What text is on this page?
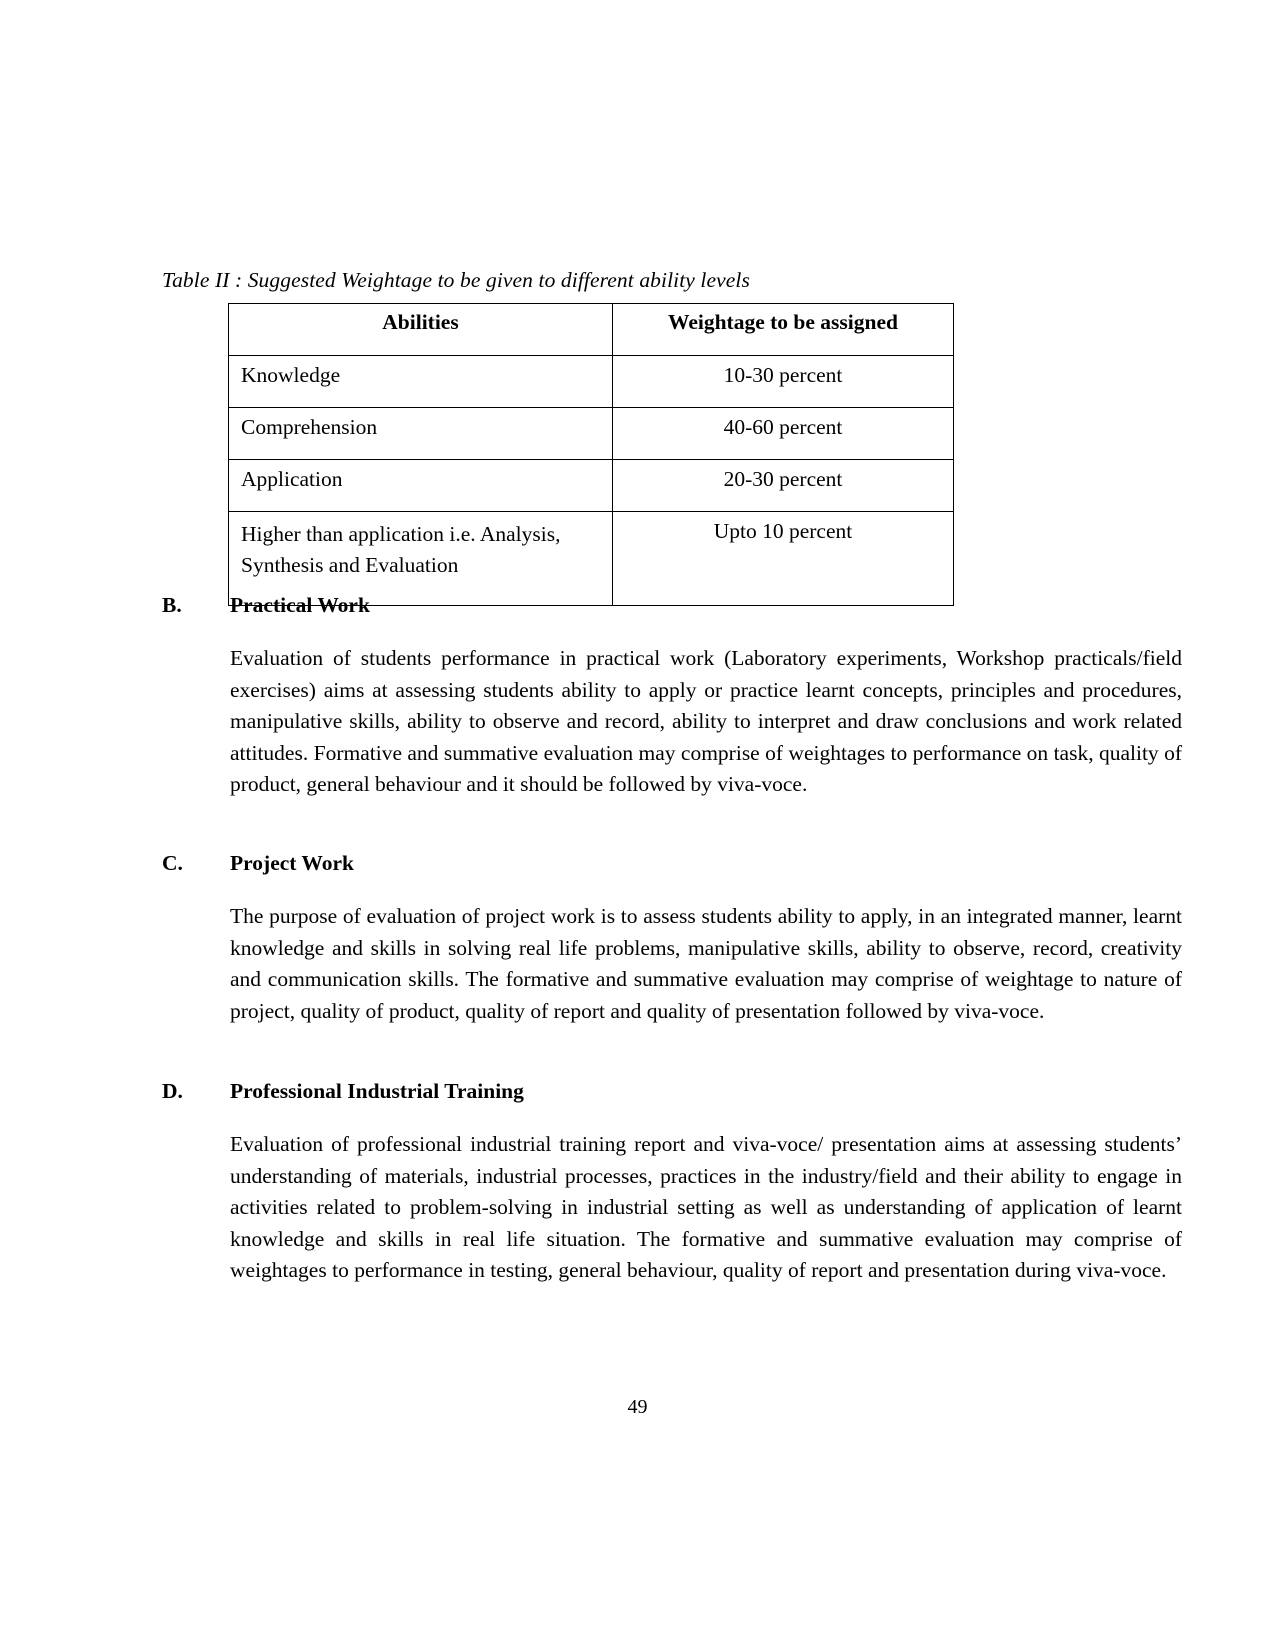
Table II : Suggested Weightage to be given to different ability levels
Abilities	Weightage to be assigned
Knowledge	10-30 percent
Comprehension	40-60 percent
Application	20-30 percent
Higher than application i.e. Analysis, Synthesis and Evaluation	Upto 10 percent
B. Practical Work
Evaluation of students performance in practical work (Laboratory experiments, Workshop practicals/field exercises) aims at assessing students ability to apply or practice learnt concepts, principles and procedures, manipulative skills, ability to observe and record, ability to interpret and draw conclusions and work related attitudes. Formative and summative evaluation may comprise of weightages to performance on task, quality of product, general behaviour and it should be followed by viva-voce.
C. Project Work
The purpose of evaluation of project work is to assess students ability to apply, in an integrated manner, learnt knowledge and skills in solving real life problems, manipulative skills, ability to observe, record, creativity and communication skills. The formative and summative evaluation may comprise of weightage to nature of project, quality of product, quality of report and quality of presentation followed by viva-voce.
D. Professional Industrial Training
Evaluation of professional industrial training report and viva-voce/ presentation aims at assessing students’ understanding of materials, industrial processes, practices in the industry/field and their ability to engage in activities related to problem-solving in industrial setting as well as understanding of application of learnt knowledge and skills in real life situation. The formative and summative evaluation may comprise of weightages to performance in testing, general behaviour, quality of report and presentation during viva-voce.
49
